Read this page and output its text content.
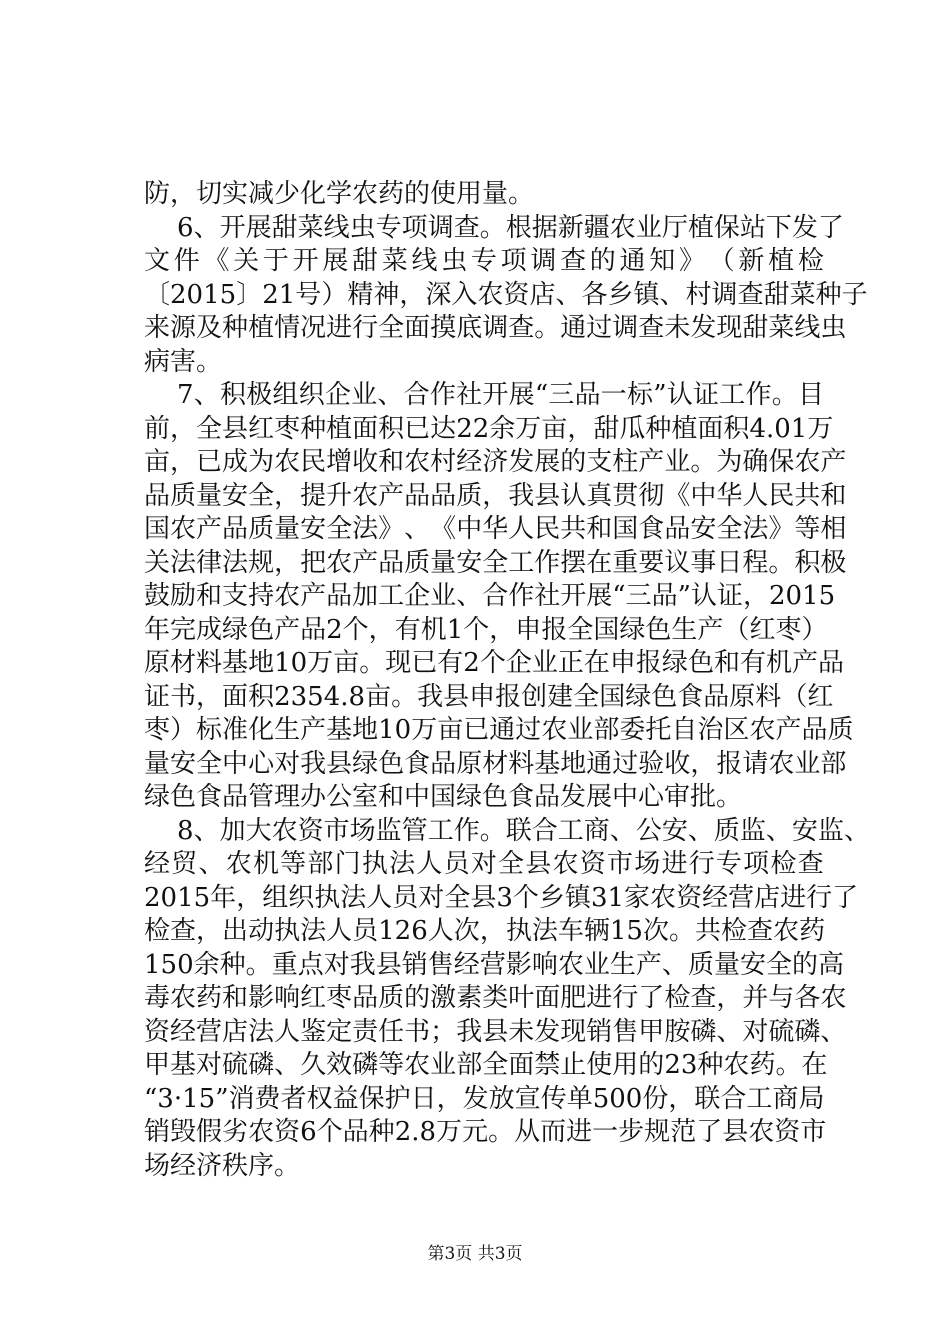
防，切实减少化学农药的使用量。
6 、 开 展 甜 菜 线 虫 专 项 调 查 。 根 据 新 疆 农 业 厅 植 保 站 下 发 了
文 件 《 关 于 开 展 甜 菜 线 虫 专 项 调 查 的 通 知 》 （ 新 植 检
〔 2015 〕 21 号 ） 精 神 ， 深 入 农 资 店 、 各 乡 镇 、 村 调 查 甜 菜 种 子
来 源 及 种 植 情 况 进 行 全 面 摸 底 调 查 。 通 过 调 查 未 发 现 甜 菜 线 虫
病害。
7 、 积 极 组 织 企 业 、 合 作 社 开 展 “ 三 品 一 标 ” 认 证 工 作 。 目
前 ， 全 县 红 枣 种 植 面 积 已 达 22 余 万 亩 ， 甜 瓜 种 植 面 积 4.01 万
亩 ， 已 成 为 农 民 增 收 和 农 村 经 济 发 展 的 支 柱 产 业 。 为 确 保 农 产
品 质 量 安 全 ， 提 升 农 产 品 品 质 ， 我 县 认 真 贯 彻 《 中 华 人 民 共 和
国 农 产 品 质 量 安 全 法 》 、 《 中 华 人 民 共 和 国 食 品 安 全 法 》 等 相
关 法 律 法 规 ， 把 农 产 品 质 量 安 全 工 作 摆 在 重 要 议 事 日 程 。 积 极
鼓 励 和 支 持 农 产 品 加 工 企 业 、 合 作 社 开 展 “ 三 品 ” 认 证 ， 2015
年 完 成 绿 色 产 品 2 个 ， 有 机 1 个 ， 申 报 全 国 绿 色 生 产 （ 红 枣 ）
原 材 料 基 地 10 万 亩 。 现 已 有 2 个 企 业 正 在 申 报 绿 色 和 有 机 产 品
证 书 ， 面 积 2354.8 亩 。 我 县 申 报 创 建 全 国 绿 色 食 品 原 料 （ 红
枣 ） 标 准 化 生 产 基 地 10 万 亩 已 通 过 农 业 部 委 托 自 治 区 农 产 品 质
量 安 全 中 心 对 我 县 绿 色 食 品 原 材 料 基 地 通 过 验 收 ， 报 请 农 业 部
绿色食品管理办公室和中国绿色食品发展中心审批。
8 、 加 大 农 资 市 场 监 管 工 作 。 联 合 工 商 、 公 安 、 质 监 、 安 监 、
经 贸 、 农 机 等 部 门 执 法 人 员 对 全 县 农 资 市 场 进 行 专 项 检 查
2015 年 ， 组 织 执 法 人 员 对 全 县 3 个 乡 镇 31 家 农 资 经 营 店 进 行 了
检 查 ， 出 动 执 法 人 员 126 人 次 ， 执 法 车 辆 15 次 。 共 检 查 农 药
150 余 种 。 重 点 对 我 县 销 售 经 营 影 响 农 业 生 产 、 质 量 安 全 的 高
毒 农 药 和 影 响 红 枣 品 质 的 激 素 类 叶 面 肥 进 行 了 检 查 ， 并 与 各 农
资 经 营 店 法 人 鉴 定 责 任 书 ； 我 县 未 发 现 销 售 甲 胺 磷 、 对 硫 磷 、
甲 基 对 硫 磷 、 久 效 磷 等 农 业 部 全 面 禁 止 使 用 的 23 种 农 药 。 在
“ 3 · 15 ” 消 费 者 权 益 保 护 日 ， 发 放 宣 传 单 500 份 ， 联 合 工 商 局
销 毁 假 劣 农 资 6 个 品 种 2.8 万 元 。 从 而 进 一 步 规 范 了 县 农 资 市
场经济秩序。
第3页 共3页
